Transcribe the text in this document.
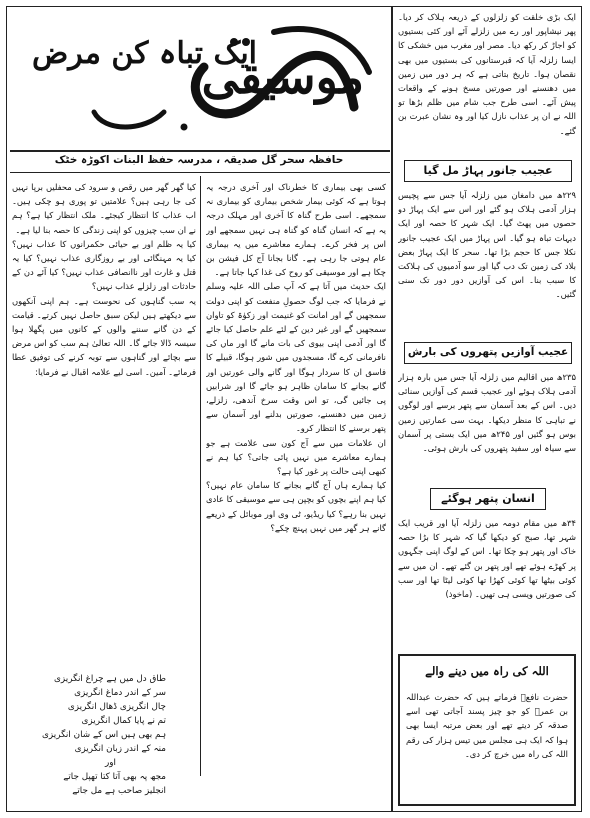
موسیقی
ایک تباہ کن مرض
حافظہ سحر گل صدیقہ ، مدرسہ حفظ البنات اکوڑہ خٹک

کسی بھی بیماری کا خطرناک اور آخری درجہ یہ ہوتا ہے کہ کوئی بیمار شخص بیماری کو بیماری نہ سمجھے۔ اسی طرح گناہ کا آخری اور مہلک درجہ یہ ہے کہ انسان گناہ کو گناہ ہی نہیں سمجھے اور اس پر فخر کرے۔ ہمارے معاشرے میں یہ بیماری عام ہوتی جا رہی ہے۔ گانا بجانا آج کل فیشن بن چکا ہے اور موسیقی کو روح کی غذا کہا جاتا ہے۔

ایک حدیث میں آتا ہے کہ آپ صلی اللہ علیہ وسلم نے فرمایا کہ جب لوگ حصولِ منفعت کو اپنی دولت سمجھیں گے اور امانت کو غنیمت اور زکوٰۃ کو تاوان سمجھیں گے اور غیر دین کے لئے علم حاصل کیا جائے گا اور آدمی اپنی بیوی کی بات مانے گا اور ماں کی نافرمانی کرے گا، مسجدوں میں شور ہوگا، قبیلے کا فاسق ان کا سردار ہوگا اور گانے والی عورتیں اور گانے بجانے کا سامان ظاہر ہو جائے گا اور شرابیں پی جائیں گی، تو اس وقت سرخ آندھی، زلزلے، زمین میں دھنسنے، صورتیں بدلنے اور آسمان سے پتھر برسنے کا انتظار کرو۔

ان علامات میں سے آج کون سی علامت ہے جو ہمارے معاشرے میں نہیں پائی جاتی؟ کیا ہم نے کبھی اپنی حالت پر غور کیا ہے؟

کیا ہمارے ہاں آج گانے بجانے کا سامان عام نہیں؟ کیا ہم اپنے بچوں کو بچپن ہی سے موسیقی کا عادی نہیں بنا رہے؟ کیا ریڈیو، ٹی وی اور موبائل کے ذریعے گانے ہر گھر میں نہیں پہنچ چکے؟

کیا گھر گھر میں رقص و سرود کی محفلیں برپا نہیں کی جا رہی ہیں؟ علامتیں تو پوری ہو چکی ہیں۔ اب عذاب کا انتظار کیجئے۔ ملک انتظار کیا ہے؟ ہم نے ان سب چیزوں کو اپنی زندگی کا حصہ بنا لیا ہے۔

کیا یہ ظلم اور بے حیائی حکمرانوں کا عذاب نہیں؟ کیا یہ مہنگائی اور بے روزگاری عذاب نہیں؟ کیا یہ قتل و غارت اور ناانصافی عذاب نہیں؟ کیا آئے دن کے حادثات اور زلزلے عذاب نہیں؟

یہ سب گناہوں کی نحوست ہے۔ ہم اپنی آنکھوں سے دیکھتے ہیں لیکن سبق حاصل نہیں کرتے۔ قیامت کے دن گانے سننے والوں کے کانوں میں پگھلا ہوا سیسہ ڈالا جائے گا۔ اللہ تعالیٰ ہم سب کو اس مرض سے بچائے اور گناہوں سے توبہ کرنے کی توفیق عطا فرمائے۔ آمین۔ اسی لیے علامہ اقبال نے فرمایا:

طاق دل میں ہے چراغ انگریزی
سر کے اندر دماغ انگریزی
چال انگریزی ڈھال انگریزی
تم نے پایا کمال انگریزی
ہم بھی ہیں اس کے شان انگریزی
منہ کے اندر زبان انگریزی
اور
مجھ پہ بھی آتا کتا تھپل جاتے
انجلیز صاحب ہے مل جاتے

ایک بڑی خلقت کو زلزلوں کے ذریعہ ہلاک کر دیا۔ پھر نیشاپور اور رے میں زلزلے آئے اور کئی بستیوں کو اجاڑ کر رکھ دیا۔ مصر اور مغرب میں خشکی کا ایسا زلزلہ آیا کہ قبرستانوں کی بستیوں میں بھی نقصان ہوا۔ تاریخ بتاتی ہے کہ ہر دور میں زمین میں دھنسنے اور صورتیں مسخ ہونے کے واقعات پیش آئے۔ اسی طرح جب شام میں ظلم بڑھا تو اللہ نے ان پر عذاب نازل کیا اور وہ نشان عبرت بن گئے۔

عجیب جانور پہاڑ مل گیا

۲۲۹ھ میں دامغان میں زلزلہ آیا جس سے پچیس ہزار آدمی ہلاک ہو گئے اور اس سے ایک پہاڑ دو حصوں میں پھٹ گیا۔ ایک شہر کا حصہ اور ایک دیہات تباہ ہو گیا۔ اس پہاڑ میں ایک عجیب جانور نکلا جس کا حجم بڑا تھا۔ سحر کا ایک پہاڑ بعض بلاد کی زمین تک دب گیا اور سو آدمیوں کی ہلاکت کا سبب بنا۔ اس کی آوازیں دور دور تک سنی گئیں۔

عجیب آوازیں پتھروں کی بارش

۲۳۵ھ میں اقالیم میں زلزلہ آیا جس میں بارہ ہزار آدمی ہلاک ہوئے اور عجیب قسم کی آوازیں سنائی دیں۔ اس کے بعد آسمان سے پتھر برسے اور لوگوں نے تباہی کا منظر دیکھا۔ بہت سی عمارتیں زمین بوس ہو گئیں اور ۲۴۵ھ میں ایک بستی پر آسمان سے سیاہ اور سفید پتھروں کی بارش ہوئی۔

انسان پتھر ہوگئے

۳۴ھ میں مقام دومہ میں زلزلہ آیا اور قریب ایک شہر تھا، صبح کو دیکھا گیا کہ شہر کا بڑا حصہ خاک اور پتھر ہو چکا تھا۔ اس کے لوگ اپنی جگہوں پر کھڑے ہوئے تھے اور پتھر بن گئے تھے۔ ان میں سے کوئی بیٹھا تھا کوئی کھڑا تھا کوئی لیٹا تھا اور سب کی صورتیں ویسی ہی تھیں۔ (ماخوذ)

اللہ کی راہ میں دینے والے

حضرت نافعؒ فرماتے ہیں کہ حضرت عبداللہ بن عمرؓ کو جو چیز پسند آجاتی تھی اسے صدقہ کر دیتے تھے اور بعض مرتبہ ایسا بھی ہوا کہ ایک ہی مجلس میں تیس ہزار کی رقم اللہ کی راہ میں خرچ کر دی۔
